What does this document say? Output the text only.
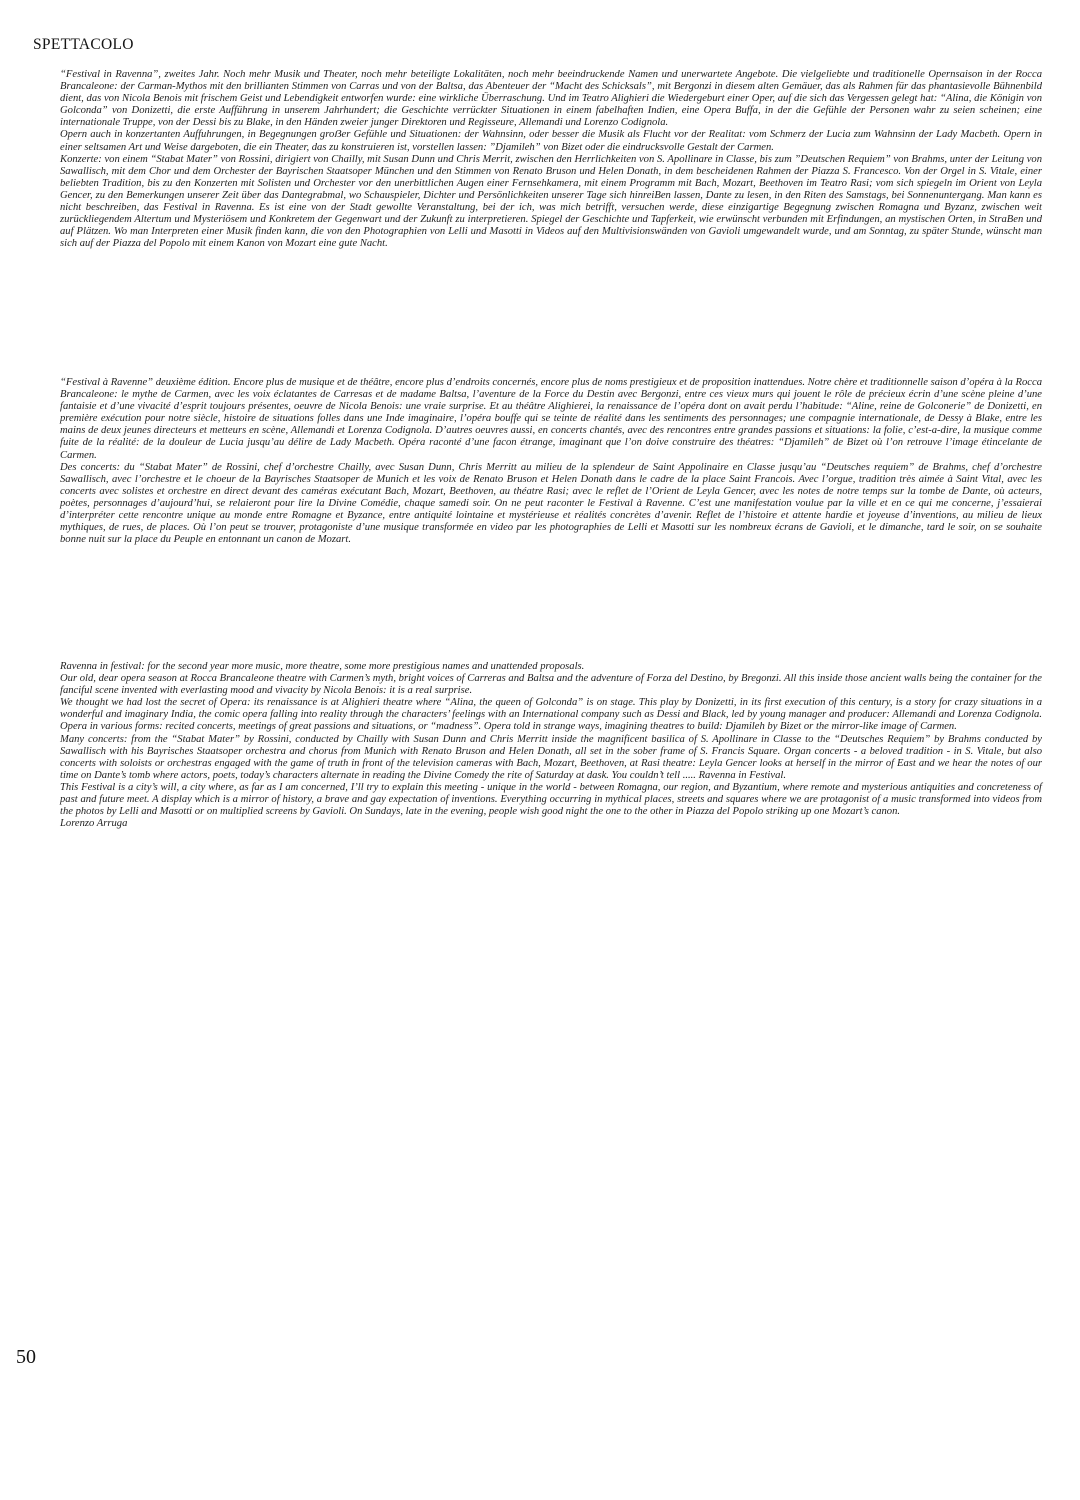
SPETTACOLO

“Festival in Ravenna”, zweites Jahr. Noch mehr Musik und Theater, noch mehr beteiligte Lokalitäten, noch mehr beeindruckende Namen und unerwartete Angebote. Die vielgeliebte und traditionelle Opernsaison in der Rocca Brancaleone: der Carman-Mythos mit den brillianten Stimmen von Carras und von der Baltsa, das Abenteuer der “Macht des Schicksals”, mit Bergonzi in diesem alten Gemäuer, das als Rahmen für das phantasievolle Bühnenbild dient, das von Nicola Benois mit frischem Geist und Lebendigkeit entworfen wurde: eine wirkliche Überraschung. Und im Teatro Alighieri die Wiedergeburt einer Oper, auf die sich das Vergessen gelegt hat: “Alina, die Königin von Golconda” von Donizetti, die erste Aufführung in unserem Jahrhundert; die Geschichte verrückter Situationen in einem fabelhaften Indien, eine Opera Buffa, in der die Gefühle der Personen wahr zu seien scheinen; eine internationale Truppe, von der Dessi bis zu Blake, in den Händen zweier junger Direktoren und Regisseure, Allemandi und Lorenzo Codignola.

Opern auch in konzertanten Auffuhrungen, in Begegnungen groẞer Gefühle und Situationen: der Wahnsinn, oder besser die Musik als Flucht vor der Realitat: vom Schmerz der Lucia zum Wahnsinn der Lady Macbeth. Opern in einer seltsamen Art und Weise dargeboten, die ein Theater, das zu konstruieren ist, vorstellen lassen: ”Djamileh” von Bizet oder die eindrucksvolle Gestalt der Carmen.

Konzerte: von einem “Stabat Mater” von Rossini, dirigiert von Chailly, mit Susan Dunn und Chris Merrit, zwischen den Herrlichkeiten von S. Apollinare in Classe, bis zum ”Deutschen Requiem” von Brahms, unter der Leitung von Sawallisch, mit dem Chor und dem Orchester der Bayrischen Staatsoper München und den Stimmen von Renato Bruson und Helen Donath, in dem bescheidenen Rahmen der Piazza S. Francesco. Von der Orgel in S. Vitale, einer beliebten Tradition, bis zu den Konzerten mit Solisten und Orchester vor den unerbittlichen Augen einer Fernsehkamera, mit einem Programm mit Bach, Mozart, Beethoven im Teatro Rasi; vom sich spiegeln im Orient von Leyla Gencer, zu den Bemerkungen unserer Zeit über das Dantegrabmal, wo Schauspieler, Dichter und Persönlichkeiten unserer Tage sich hinreiBen lassen, Dante zu lesen, in den Riten des Samstags, bei Sonnenuntergang. Man kann es nicht beschreiben, das Festival in Ravenna. Es ist eine von der Stadt gewollte Veranstaltung, bei der ich, was mich betrifft, versuchen werde, diese einzigartige Begegnung zwischen Romagna und Byzanz, zwischen weit zurückliegendem Altertum und Mysteriösem und Konkretem der Gegenwart und der Zukunft zu interpretieren. Spiegel der Geschichte und Tapferkeit, wie erwünscht verbunden mit Erfindungen, an mystischen Orten, in StraBen und auf Plätzen. Wo man Interpreten einer Musik finden kann, die von den Photographien von Lelli und Masotti in Videos auf den Multivisionswänden von Gavioli umgewandelt wurde, und am Sonntag, zu später Stunde, wünscht man sich auf der Piazza del Popolo mit einem Kanon von Mozart eine gute Nacht.

“Festival à Ravenne” deuxième édition. Encore plus de musique et de théâtre, encore plus d’endroits concernés, encore plus de noms prestigieux et de proposition inattendues. Notre chère et traditionnelle saison d’opéra à la Rocca Brancaleone: le mythe de Carmen, avec les voix éclatantes de Carresas et de madame Baltsa, l’aventure de la Force du Destin avec Bergonzi, entre ces vieux murs qui jouent le rôle de précieux écrin d’une scène pleine d’une fantaisie et d’une vivacité d’esprit toujours présentes, oeuvre de Nicola Benois: une vraie surprise. Et au théâtre Alighierei, la renaissance de l’opéra dont on avait perdu l’habitude: “Aline, reine de Golconerie” de Donizetti, en première exécution pour notre siècle, histoire de situations folles dans une Inde imaginaire, l’opéra bouffe qui se teinte de réalité dans les sentiments des personnages; une compagnie internationale, de Dessy à Blake, entre les mains de deux jeunes directeurs et metteurs en scène, Allemandi et Lorenza Codignola. D’autres oeuvres aussi, en concerts chantés, avec des rencontres entre grandes passions et situations: la folie, c’est-a-dire, la musique comme fuite de la réalité: de la douleur de Lucia jusqu’au délire de Lady Macbeth. Opéra raconté d’une facon étrange, imaginant que l’on doive construire des théatres: “Djamileh” de Bizet où l’on retrouve l’image étincelante de Carmen.

Des concerts: du “Stabat Mater” de Rossini, chef d’orchestre Chailly, avec Susan Dunn, Chris Merritt au milieu de la splendeur de Saint Appolinaire en Classe jusqu’au “Deutsches requiem” de Brahms, chef d’orchestre Sawallisch, avec l’orchestre et le choeur de la Bayrisches Staatsoper de Munich et les voix de Renato Bruson et Helen Donath dans le cadre de la place Saint Francois. Avec l’orgue, tradition très aimée à Saint Vital, avec les concerts avec solistes et orchestre en direct devant des caméras exécutant Bach, Mozart, Beethoven, au théatre Rasi; avec le reflet de l’Orient de Leyla Gencer, avec les notes de notre temps sur la tombe de Dante, où acteurs, poètes, personnages d’aujourd’hui, se relaieront pour lire la Divine Comédie, chaque samedi soir. On ne peut raconter le Festival à Ravenne. C’est une manifestation voulue par la ville et en ce qui me concerne, j’essaierai d’interpréter cette rencontre unique au monde entre Romagne et Byzance, entre antiquité lointaine et mystérieuse et réalités concrètes d’avenir. Reflet de l’histoire et attente hardie et joyeuse d’inventions, au milieu de lieux mythiques, de rues, de places. Où l’on peut se trouver, protagoniste d’une musique transformée en video par les photographies de Lelli et Masotti sur les nombreux écrans de Gavioli, et le dimanche, tard le soir, on se souhaite bonne nuit sur la place du Peuple en entonnant un canon de Mozart.

Ravenna in festival: for the second year more music, more theatre, some more prestigious names and unattended proposals.

Our old, dear opera season at Rocca Brancaleone theatre with Carmen’s myth, bright voices of Carreras and Baltsa and the adventure of Forza del Destino, by Bregonzi. All this inside those ancient walls being the container for the fanciful scene invented with everlasting mood and vivacity by Nicola Benois: it is a real surprise.

We thought we had lost the secret of Opera: its renaissance is at Alighieri theatre where “Alina, the queen of Golconda” is on stage. This play by Donizetti, in its first execution of this century, is a story for crazy situations in a wonderful and imaginary India, the comic opera falling into reality through the characters’ feelings with an International company such as Dessi and Black, led by young manager and producer: Allemandi and Lorenza Codignola. Opera in various forms: recited concerts, meetings of great passions and situations, or “madness”. Opera told in strange ways, imagining theatres to build: Djamileh by Bizet or the mirror-like image of Carmen.

Many concerts: from the “Stabat Mater” by Rossini, conducted by Chailly with Susan Dunn and Chris Merritt inside the magnificent basilica of S. Apollinare in Classe to the “Deutsches Requiem” by Brahms conducted by Sawallisch with his Bayrisches Staatsoper orchestra and chorus from Munich with Renato Bruson and Helen Donath, all set in the sober frame of S. Francis Square. Organ concerts - a beloved tradition - in S. Vitale, but also concerts with soloists or orchestras engaged with the game of truth in front of the television cameras with Bach, Mozart, Beethoven, at Rasi theatre: Leyla Gencer looks at herself in the mirror of East and we hear the notes of our time on Dante’s tomb where actors, poets, today’s characters alternate in reading the Divine Comedy the rite of Saturday at dask. You couldn’t tell ..... Ravenna in Festival.

This Festival is a city’s will, a city where, as far as I am concerned, I’ll try to explain this meeting - unique in the world - between Romagna, our region, and Byzantium, where remote and mysterious antiquities and concreteness of past and future meet. A display which is a mirror of history, a brave and gay expectation of inventions. Everything occurring in mythical places, streets and squares where we are protagonist of a music transformed into videos from the photos by Lelli and Masotti or on multiplied screens by Gavioli. On Sundays, late in the evening, people wish good night the one to the other in Piazza del Popolo striking up one Mozart’s canon.

Lorenzo Arruga

50
